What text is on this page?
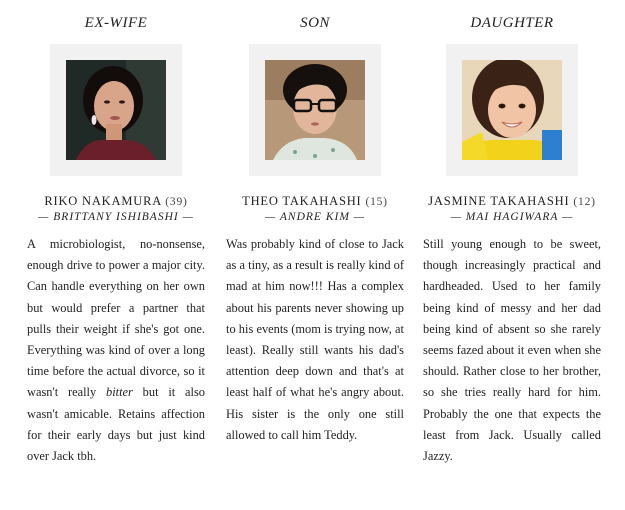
EX-WIFE
RIKO NAKAMURA (39)
— BRITTANY ISHIBASHI —
A microbiologist, no-nonsense, enough drive to power a major city. Can handle everything on her own but would prefer a partner that pulls their weight if she's got one. Everything was kind of over a long time before the actual divorce, so it wasn't really bitter but it also wasn't amicable. Retains affection for their early days but just kind over Jack tbh.
SON
THEO TAKAHASHI (15)
— ANDRE KIM —
Was probably kind of close to Jack as a tiny, as a result is really kind of mad at him now!!! Has a complex about his parents never showing up to his events (mom is trying now, at least). Really still wants his dad's attention deep down and that's at least half of what he's angry about. His sister is the only one still allowed to call him Teddy.
DAUGHTER
JASMINE TAKAHASHI (12)
— MAI HAGIWARA —
Still young enough to be sweet, though increasingly practical and hardheaded. Used to her family being kind of messy and her dad being kind of absent so she rarely seems fazed about it even when she should. Rather close to her brother, so she tries really hard for him. Probably the one that expects the least from Jack. Usually called Jazzy.
